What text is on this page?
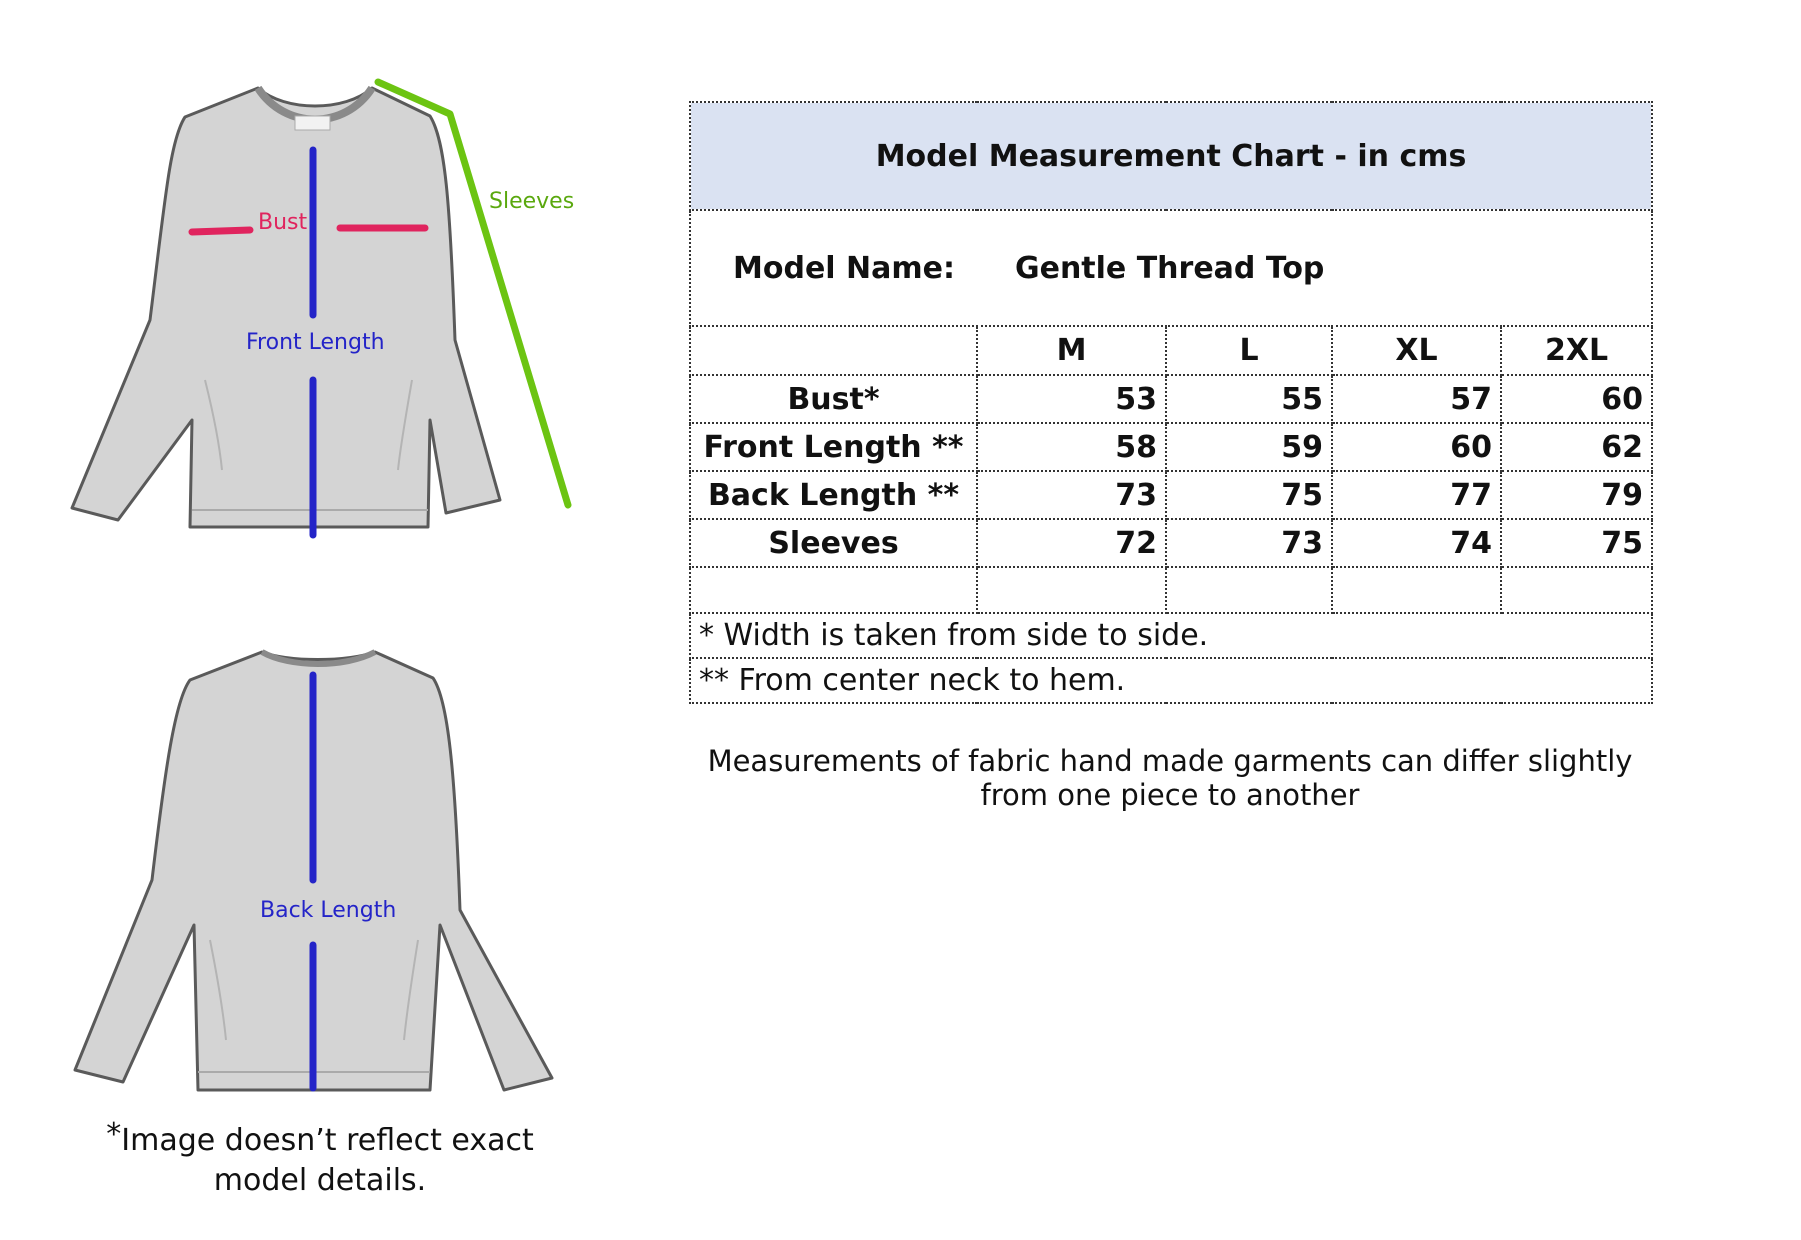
Bust
Front Length
Sleeves
Back Length
*Image doesn’t reflect exact model details.
Model Measurement Chart - in cms				
Model Name: Gentle Thread Top				
	M	L	XL	2XL
Bust*	53	55	57	60
Front Length **	58	59	60	62
Back Length **	73	75	77	79
Sleeves	72	73	74	75

* Width is taken from side to side.				
** From center neck to hem.				
Measurements of fabric hand made garments can differ slightly
from one piece to another
